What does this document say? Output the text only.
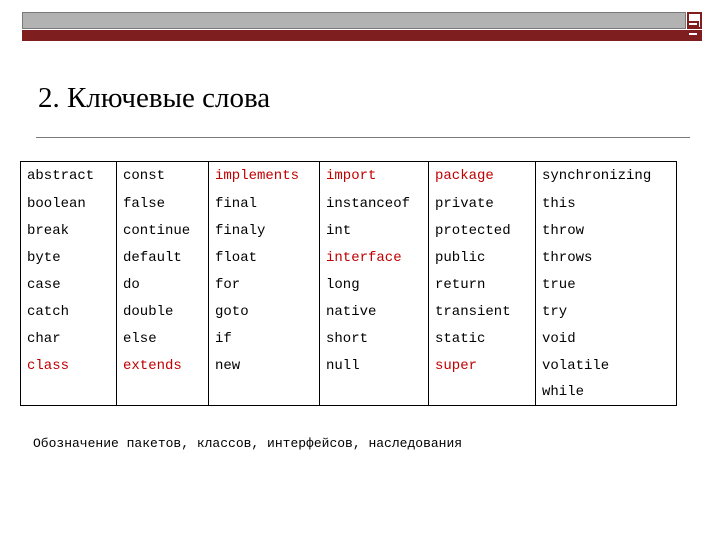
2. Ключевые слова
abstract	const	implements	import	package	synchronizing
boolean	false	final	instanceof	private	this
break	continue	finaly	int	protected	throw
byte	default	float	interface	public	throws
case	do	for	long	return	true
catch	double	goto	native	transient	try
char	else	if	short	static	void
class	extends	new	null	super	volatile
					while

Обозначение пакетов, классов, интерфейсов, наследования
